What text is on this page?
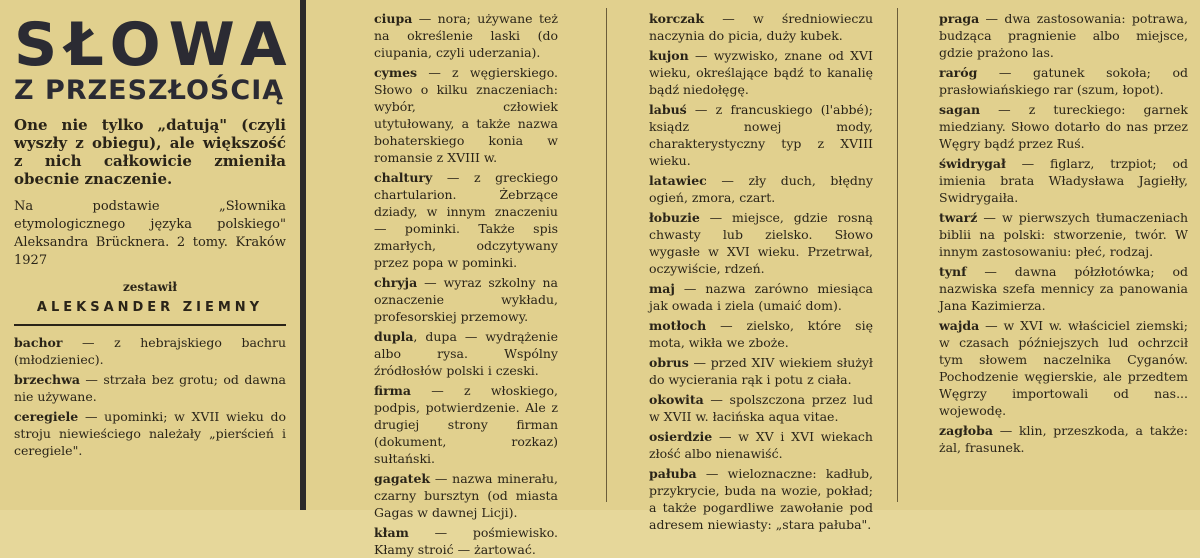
SŁOWA
Z PRZESZŁOŚCIĄ

One nie tylko „datują" (czyli wyszły z obiegu), ale większość z nich całkowicie zmieniła obecnie znaczenie.

Na podstawie „Słownika etymologicznego języka polskiego" Aleksandra Brücknera. 2 tomy. Kraków 1927

zestawił

ALEKSANDER ZIEMNY

bachor — z hebrajskiego bachru (młodzieniec).

brzechwa — strzała bez grotu; od dawna nie używane.

ceregiele — upominki; w XVII wieku do stroju niewieściego należały „pierścień i ceregiele".

ciupa — nora; używane też na określenie laski (do ciupania, czyli uderzania).

cymes — z węgierskiego. Słowo o kilku znaczeniach: wybór, człowiek utytułowany, a także nazwa bohaterskiego konia w romansie z XVIII w.

chaltury — z greckiego chartularion. Żebrzące dziady, w innym znaczeniu — pominki. Także spis zmarłych, odczytywany przez popa w pominki.

chryja — wyraz szkolny na oznaczenie wykładu, profesorskiej przemowy.

dupla, dupa — wydrążenie albo rysa. Wspólny źródłosłów polski i czeski.

firma — z włoskiego, podpis, potwierdzenie. Ale z drugiej strony firman (dokument, rozkaz) sułtański.

gagatek — nazwa minerału, czarny bursztyn (od miasta Gagas w dawnej Licji).

kłam — pośmiewisko. Kłamy stroić — żartować.

korczak — w średniowieczu naczynia do picia, duży kubek.

kujon — wyzwisko, znane od XVI wieku, określające bądź to kanalię bądź niedołęgę.

labuś — z francuskiego (l'abbé); ksiądz nowej mody, charakterystyczny typ z XVIII wieku.

latawiec — zły duch, błędny ogień, zmora, czart.

łobuzie — miejsce, gdzie rosną chwasty lub zielsko. Słowo wygasłe w XVI wieku. Przetrwał, oczywiście, rdzeń.

maj — nazwa zarówno miesiąca jak owada i ziela (umaić dom).

motłoch — zielsko, które się mota, wikła we zboże.

obrus — przed XIV wiekiem służył do wycierania rąk i potu z ciała.

okowita — spolszczona przez lud w XVII w. łacińska aqua vitae.

osierdzie — w XV i XVI wiekach złość albo nienawiść.

pałuba — wieloznaczne: kadłub, przykrycie, buda na wozie, pokład; a także pogardliwe zawołanie pod adresem niewiasty: „stara pałuba".

praga — dwa zastosowania: potrawa, budząca pragnienie albo miejsce, gdzie prażono las.

raróg — gatunek sokoła; od prasłowiańskiego rar (szum, łopot).

sagan — z tureckiego: garnek miedziany. Słowo dotarło do nas przez Węgry bądź przez Ruś.

świdrygał — figlarz, trzpiot; od imienia brata Władysława Jagiełły, Swidrygaiła.

twarź — w pierwszych tłumaczeniach biblii na polski: stworzenie, twór. W innym zastosowaniu: płeć, rodzaj.

tynf — dawna półzłotówka; od nazwiska szefa mennicy za panowania Jana Kazimierza.

wajda — w XVI w. właściciel ziemski; w czasach późniejszych lud ochrzcił tym słowem naczelnika Cyganów. Pochodzenie węgierskie, ale przedtem Węgrzy importowali od nas... wojewodę.

zagłoba — klin, przeszkoda, a także: żal, frasunek.
